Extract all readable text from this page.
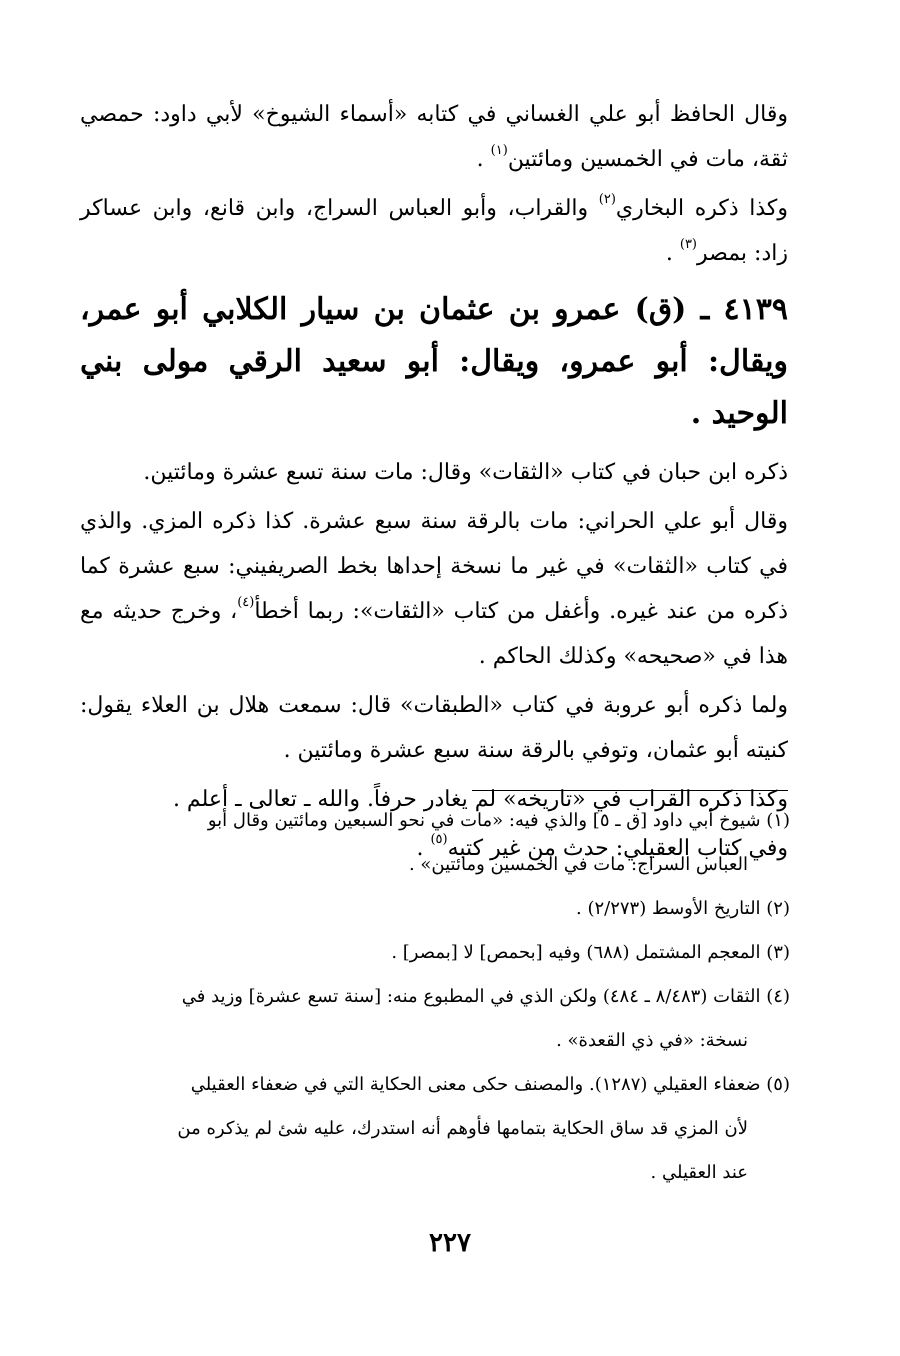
وقال الحافظ أبو علي الغساني في كتابه «أسماء الشيوخ» لأبي داود: حمصي ثقة، مات في الخمسين ومائتين$^{(١)}$ .

وكذا ذكره البخاري$^{(٢)}$ والقراب، وأبو العباس السراج، وابن قانع، وابن عساكر زاد: بمصر$^{(٣)}$ .

٤١٣٩ ـ (ق) عمرو بن عثمان بن سيار الكلابي أبو عمر، ويقال: أبو عمرو، ويقال: أبو سعيد الرقي مولى بني الوحيد .

ذكره ابن حبان في كتاب «الثقات» وقال: مات سنة تسع عشرة ومائتين.

وقال أبو علي الحراني: مات بالرقة سنة سبع عشرة. كذا ذكره المزي. والذي في كتاب «الثقات» في غير ما نسخة إحداها بخط الصريفيني: سبع عشرة كما ذكره من عند غيره. وأغفل من كتاب «الثقات»: ربما أخطأ$^{(٤)}$، وخرج حديثه مع هذا في «صحيحه» وكذلك الحاكم .

ولما ذكره أبو عروبة في كتاب «الطبقات» قال: سمعت هلال بن العلاء يقول: كنيته أبو عثمان، وتوفي بالرقة سنة سبع عشرة ومائتين .

وكذا ذكره القراب في «تاريخه» لم يغادر حرفاً. والله ـ تعالى ـ أعلم .

وفي كتاب العقيلي: حدث من غير كتبه$^{(٥)}$ .

(١) شيوخ أبي داود [ق ـ ٥] والذي فيه: «مات في نحو السبعين ومائتين وقال أبو

العباس السراج: مات في الخمسين ومائتين» .

(٢) التاريخ الأوسط (٢/٢٧٣) .

(٣) المعجم المشتمل (٦٨٨) وفيه [بحمص] لا [بمصر] .

(٤) الثقات (٨/٤٨٣ ـ ٤٨٤) ولكن الذي في المطبوع منه: [سنة تسع عشرة] وزيد في

نسخة: «في ذي القعدة» .

(٥) ضعفاء العقيلي (١٢٨٧). والمصنف حكى معنى الحكاية التي في ضعفاء العقيلي

لأن المزي قد ساق الحكاية بتمامها فأوهم أنه استدرك، عليه شئ لم يذكره من

عند العقيلي .

٢٢٧
